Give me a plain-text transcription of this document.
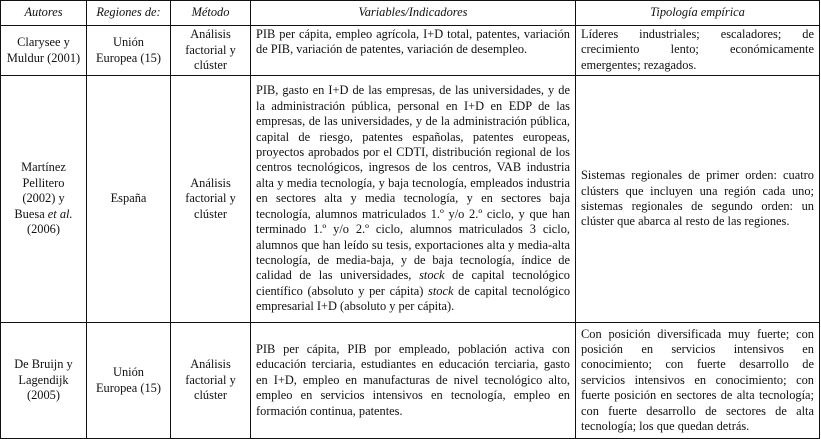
Autores	Regiones de:	Método	Variables/Indicadores	Tipología empírica
Clarysee y Muldur (2001)	Unión Europea (15)	Análisis factorial y clúster	PIB per cápita, empleo agrícola, I+D total, patentes, variación de PIB, variación de patentes, variación de desempleo.	Líderes industriales; escaladores; de crecimiento lento; económicamente emergentes; rezagados.
Martínez Pellitero (2002) y Buesa et al. (2006)	España	Análisis factorial y clúster	PIB, gasto en I+D de las empresas, de las universidades, y de la administración pública, personal en I+D en EDP de las empresas, de las universidades, y de la administración pública, capital de riesgo, patentes españolas, patentes europeas, proyectos aprobados por el CDTI, distribución regional de los centros tecnológicos, ingresos de los centros, VAB industria alta y media tecnología, y baja tecnología, empleados industria en sectores alta y media tecnología, y en sectores baja tecnología, alumnos matriculados 1.º y/o 2.º ciclo, y que han terminado 1.º y/o 2.º ciclo, alumnos matriculados 3 ciclo, alumnos que han leído su tesis, exportaciones alta y media-alta tecnología, de media-baja, y de baja tecnología, índice de calidad de las universidades, stock de capital tecnológico científico (absoluto y per cápita) stock de capital tecnológico empresarial I+D (absoluto y per cápita).	Sistemas regionales de primer orden: cuatro clústers que incluyen una región cada uno; sistemas regionales de segundo orden: un clúster que abarca al resto de las regiones.
De Bruijn y Lagendijk (2005)	Unión Europea (15)	Análisis factorial y clúster	PIB per cápita, PIB por empleado, población activa con educación terciaria, estudiantes en educación terciaria, gasto en I+D, empleo en manufacturas de nivel tecnológico alto, empleo en servicios intensivos en tecnología, empleo en formación continua, patentes.	Con posición diversificada muy fuerte; con posición en servicios intensivos en conocimiento; con fuerte desarrollo de servicios intensivos en conocimiento; con fuerte posición en sectores de alta tecnología; con fuerte desarrollo de sectores de alta tecnología; los que quedan detrás.
